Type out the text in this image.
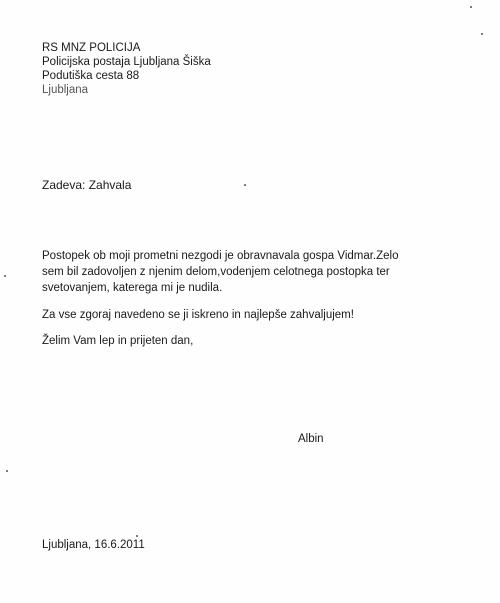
RS MNZ POLICIJA
Policijska postaja Ljubljana Šiška
Podutiška cesta 88
Ljubljana
Zadeva: Zahvala
Postopek ob moji prometni nezgodi je obravnavala gospa Vidmar.Zelo
sem bil zadovoljen z njenim delom,vodenjem celotnega postopka ter
svetovanjem, katerega mi je nudila.
Za vse zgoraj navedeno se ji iskreno in najlepše zahvaljujem!
Želim Vam lep in prijeten dan,
Albin
Ljubljana, 16.6.2011
